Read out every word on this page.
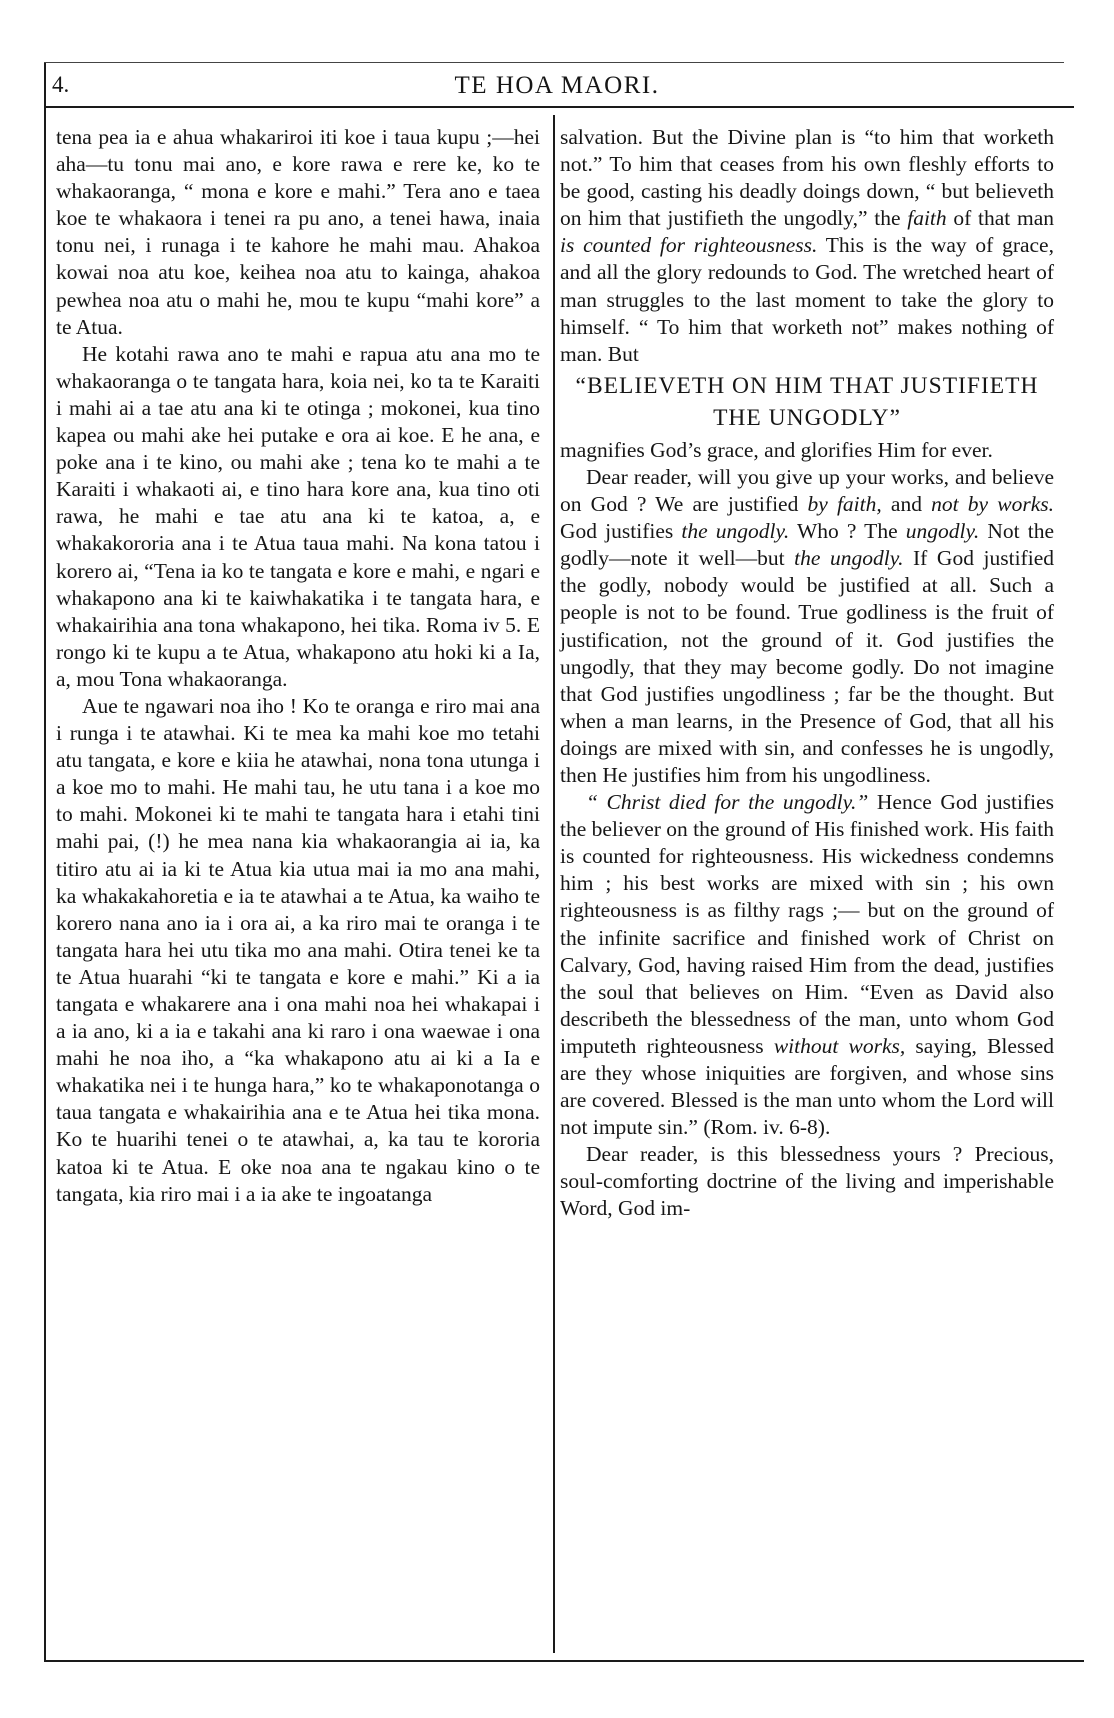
4.	TE HOA MAORI.

tena pea ia e ahua whakariroi iti koe i taua kupu ;—hei aha—tu tonu mai ano, e kore rawa e rere ke, ko te whakaoranga, “ mona e kore e mahi.” Tera ano e taea koe te whakaora i tenei ra pu ano, a tenei hawa, inaia tonu nei, i runaga i te kahore he mahi mau. Ahakoa kowai noa atu koe, keihea noa atu to kainga, ahakoa pewhea noa atu o mahi he, mou te kupu “mahi kore” a te Atua.

He kotahi rawa ano te mahi e rapua atu ana mo te whakaoranga o te tangata hara, koia nei, ko ta te Karaiti i mahi ai a tae atu ana ki te otinga ; mokonei, kua tino kapea ou mahi ake hei putake e ora ai koe. E he ana, e poke ana i te kino, ou mahi ake ; tena ko te mahi a te Karaiti i whakaoti ai, e tino hara kore ana, kua tino oti rawa, he mahi e tae atu ana ki te katoa, a, e whakakororia ana i te Atua taua mahi. Na kona tatou i korero ai, “Tena ia ko te tangata e kore e mahi, e ngari e whakapono ana ki te kaiwhakatika i te tangata hara, e whakairihia ana tona whakapono, hei tika. Roma iv 5. E rongo ki te kupu a te Atua, whakapono atu hoki ki a Ia, a, mou Tona whakaoranga.

Aue te ngawari noa iho ! Ko te oranga e riro mai ana i runga i te atawhai. Ki te mea ka mahi koe mo tetahi atu tangata, e kore e kiia he atawhai, nona tona utunga i a koe mo to mahi. He mahi tau, he utu tana i a koe mo to mahi. Mokonei ki te mahi te tangata hara i etahi tini mahi pai, (!) he mea nana kia whakaorangia ai ia, ka titiro atu ai ia ki te Atua kia utua mai ia mo ana mahi, ka whakakahoretia e ia te atawhai a te Atua, ka waiho te korero nana ano ia i ora ai, a ka riro mai te oranga i te tangata hara hei utu tika mo ana mahi. Otira tenei ke ta te Atua huarahi “ki te tangata e kore e mahi.” Ki a ia tangata e whakarere ana i ona mahi noa hei whakapai i a ia ano, ki a ia e takahi ana ki raro i ona waewae i ona mahi he noa iho, a “ka whakapono atu ai ki a Ia e whakatika nei i te hunga hara,” ko te whakaponotanga o taua tangata e whakairihia ana e te Atua hei tika mona. Ko te huarihi tenei o te atawhai, a, ka tau te kororia katoa ki te Atua. E oke noa ana te ngakau kino o te tangata, kia riro mai i a ia ake te ingoatanga

salvation. But the Divine plan is “to him that worketh not.” To him that ceases from his own fleshly efforts to be good, casting his deadly doings down, “ but believeth on him that justifieth the ungodly,” the faith of that man is counted for righteousness. This is the way of grace, and all the glory redounds to God. The wretched heart of man struggles to the last moment to take the glory to himself. “ To him that worketh not” makes nothing of man. But

“BELIEVETH ON HIM THAT JUSTIFIETH THE UNGODLY”

magnifies God’s grace, and glorifies Him for ever.

Dear reader, will you give up your works, and believe on God ? We are justified by faith, and not by works. God justifies the ungodly. Who ? The ungodly. Not the godly—note it well—but the ungodly. If God justified the godly, nobody would be justified at all. Such a people is not to be found. True godliness is the fruit of justification, not the ground of it. God justifies the ungodly, that they may become godly. Do not imagine that God justifies ungodliness ; far be the thought. But when a man learns, in the Presence of God, that all his doings are mixed with sin, and confesses he is ungodly, then He justifies him from his ungodliness.

“ Christ died for the ungodly.” Hence God justifies the believer on the ground of His finished work. His faith is counted for righteousness. His wickedness condemns him ; his best works are mixed with sin ; his own righteousness is as filthy rags ;— but on the ground of the infinite sacrifice and finished work of Christ on Calvary, God, having raised Him from the dead, justifies the soul that believes on Him. “Even as David also describeth the blessedness of the man, unto whom God imputeth righteousness without works, saying, Blessed are they whose iniquities are forgiven, and whose sins are covered. Blessed is the man unto whom the Lord will not impute sin.” (Rom. iv. 6-8).

Dear reader, is this blessedness yours ? Precious, soul-comforting doctrine of the living and imperishable Word, God im-
